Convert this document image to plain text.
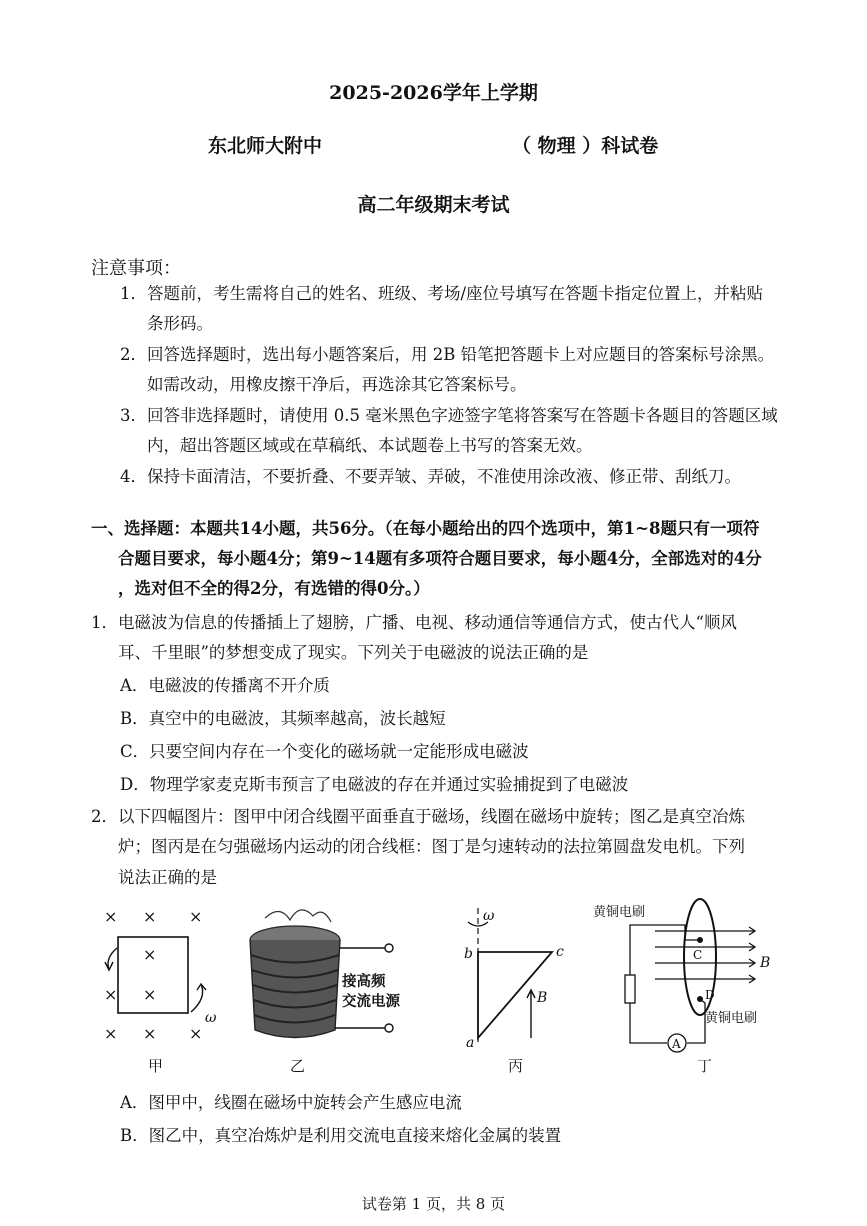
2025-2026学年上学期
东北师大附中	（ 物理 ）科试卷
高二年级期末考试
注意事项：
1．答题前，考生需将自己的姓名、班级、考场/座位号填写在答题卡指定位置上，并粘贴
条形码。
2．回答选择题时，选出每小题答案后，用 2B 铅笔把答题卡上对应题目的答案标号涂黑。
如需改动，用橡皮擦干净后，再选涂其它答案标号。
3．回答非选择题时，请使用 0.5 毫米黑色字迹签字笔将答案写在答题卡各题目的答题区域
内，超出答题区域或在草稿纸、本试题卷上书写的答案无效。
4．保持卡面清洁，不要折叠、不要弄皱、弄破，不准使用涂改液、修正带、刮纸刀。
一、选择题：本题共14小题，共56分。（在每小题给出的四个选项中，第1~8题只有一项符
合题目要求，每小题4分；第9~14题有多项符合题目要求，每小题4分，全部选对的4分
，选对但不全的得2分，有选错的得0分。）
1．电磁波为信息的传播插上了翅膀，广播、电视、移动通信等通信方式，使古代人“顺风
耳、千里眼”的梦想变成了现实。下列关于电磁波的说法正确的是
A．电磁波的传播离不开介质
B．真空中的电磁波，其频率越高，波长越短
C．只要空间内存在一个变化的磁场就一定能形成电磁波
D．物理学家麦克斯韦预言了电磁波的存在并通过实验捕捉到了电磁波
2．以下四幅图片：图甲中闭合线圈平面垂直于磁场，线圈在磁场中旋转；图乙是真空冶炼
炉；图丙是在匀强磁场内运动的闭合线框：图丁是匀速转动的法拉第圆盘发电机。下列
说法正确的是
× × ×
×
× ×
× × ×
ω
甲
接高频
交流电源
乙
ω
b	c
a
B
丙
B
A
C
D
黄铜电刷
黄铜电刷
丁
A．图甲中，线圈在磁场中旋转会产生感应电流
B．图乙中，真空冶炼炉是利用交流电直接来熔化金属的装置
试卷第 1 页，共 8 页
